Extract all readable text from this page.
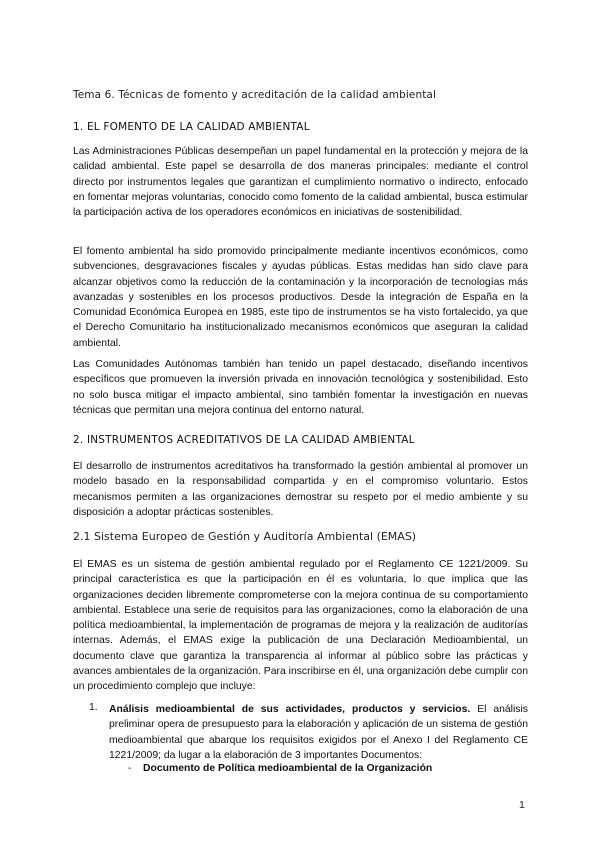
Tema 6. Técnicas de fomento y acreditación de la calidad ambiental
1. EL FOMENTO DE LA CALIDAD AMBIENTAL

Las Administraciones Públicas desempeñan un papel fundamental en la protección y mejora de la calidad ambiental. Este papel se desarrolla de dos maneras principales: mediante el control directo por instrumentos legales que garantizan el cumplimiento normativo o indirecto, enfocado en fomentar mejoras voluntarias, conocido como fomento de la calidad ambiental, busca estimular la participación activa de los operadores económicos en iniciativas de sostenibilidad.

El fomento ambiental ha sido promovido principalmente mediante incentivos económicos, como subvenciones, desgravaciones fiscales y ayudas públicas. Estas medidas han sido clave para alcanzar objetivos como la reducción de la contaminación y la incorporación de tecnologías más avanzadas y sostenibles en los procesos productivos. Desde la integración de España en la Comunidad Económica Europea en 1985, este tipo de instrumentos se ha visto fortalecido, ya que el Derecho Comunitario ha institucionalizado mecanismos económicos que aseguran la calidad ambiental.

Las Comunidades Autónomas también han tenido un papel destacado, diseñando incentivos específicos que promueven la inversión privada en innovación tecnológica y sostenibilidad. Esto no solo busca mitigar el impacto ambiental, sino también fomentar la investigación en nuevas técnicas que permitan una mejora continua del entorno natural.

2. INSTRUMENTOS ACREDITATIVOS DE LA CALIDAD AMBIENTAL

El desarrollo de instrumentos acreditativos ha transformado la gestión ambiental al promover un modelo basado en la responsabilidad compartida y en el compromiso voluntario. Estos mecanismos permiten a las organizaciones demostrar su respeto por el medio ambiente y su disposición a adoptar prácticas sostenibles.

2.1 Sistema Europeo de Gestión y Auditoría Ambiental (EMAS)

El EMAS es un sistema de gestión ambiental regulado por el Reglamento CE 1221/2009. Su principal característica es que la participación en él es voluntaria, lo que implica que las organizaciones deciden libremente comprometerse con la mejora continua de su comportamiento ambiental. Establece una serie de requisitos para las organizaciones, como la elaboración de una política medioambiental, la implementación de programas de mejora y la realización de auditorías internas. Además, el EMAS exige la publicación de una Declaración Medioambiental, un documento clave que garantiza la transparencia al informar al público sobre las prácticas y avances ambientales de la organización. Para inscribirse en él, una organización debe cumplir con un procedimiento complejo que incluye:

1. Análisis medioambiental de sus actividades, productos y servicios. El análisis preliminar opera de presupuesto para la elaboración y aplicación de un sistema de gestión medioambiental que abarque los requisitos exigidos por el Anexo I del Reglamento CE 1221/2009; da lugar a la elaboración de 3 importantes Documentos:

- Documento de Política medioambiental de la Organización
1
